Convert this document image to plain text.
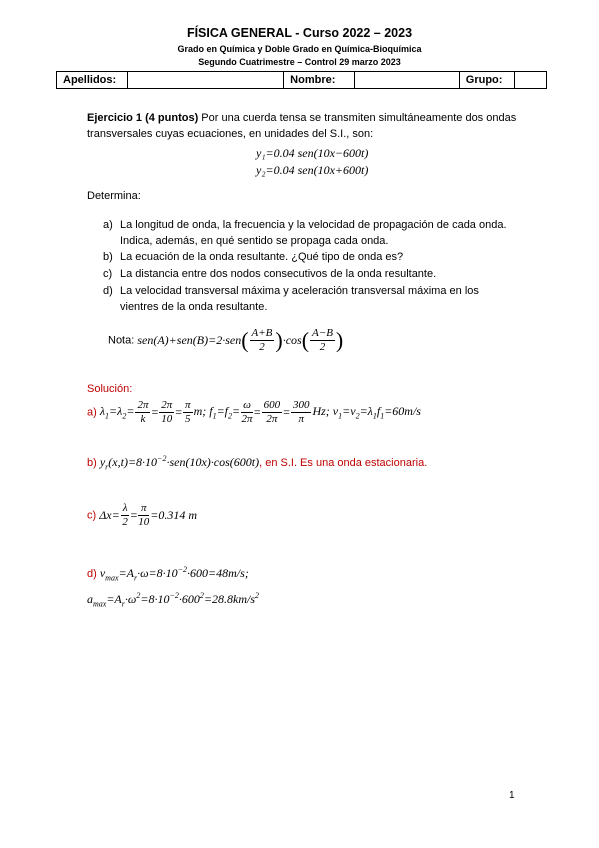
FÍSICA GENERAL - Curso 2022 – 2023
Grado en Química y Doble Grado en Química-Bioquímica
Segundo Cuatrimestre – Control 29 marzo 2023
Apellidos:		Nombre:		Grupo:	
Ejercicio 1 (4 puntos) Por una cuerda tensa se transmiten simultáneamente dos ondas
transversales cuyas ecuaciones, en unidades del S.I., son:
y₁=0.04 sen(10x−600t)
y₂=0.04 sen(10x+600t)
Determina:
a) La longitud de onda, la frecuencia y la velocidad de propagación de cada onda.
Indica, además, en qué sentido se propaga cada onda.
b) La ecuación de la onda resultante. ¿Qué tipo de onda es?
c) La distancia entre dos nodos consecutivos de la onda resultante.
d) La velocidad transversal máxima y aceleración transversal máxima en los
vientres de la onda resultante.
Nota: $sen(A)+sen(B)=2\cdot sen( \frac{A+B}{2} )\cdot\cos( \frac{A-B}{2}$ )
Solución:
a) $\lambda_1=\lambda_2= \frac{2\pi}{k} = \frac{2\pi}{10} = \frac{\pi}{5} m$; $f_1=f_2= \frac{\omega}{2\pi} = \frac{600}{2\pi} = \frac{300}{\pi} Hz$; $v_1=v_2=\lambda_1f_1=60m/s$
b) $y_r(x,t)=8\cdot 10^{-2}\cdot sen(10x)\cdot\cos(600t)$, en S.I. Es una onda estacionaria.
c) $\Delta x= \frac{\lambda}{2} = \frac{\pi}{10} =0.314$ m
d) $v_{max}=A_r\cdot\omega=8\cdot 10^{-2}\cdot 600=48m/s$;
$a_{max}=A_r\cdot\omega^2=8\cdot 10^{-2}\cdot 600^2=28.8km/s^2$
1
